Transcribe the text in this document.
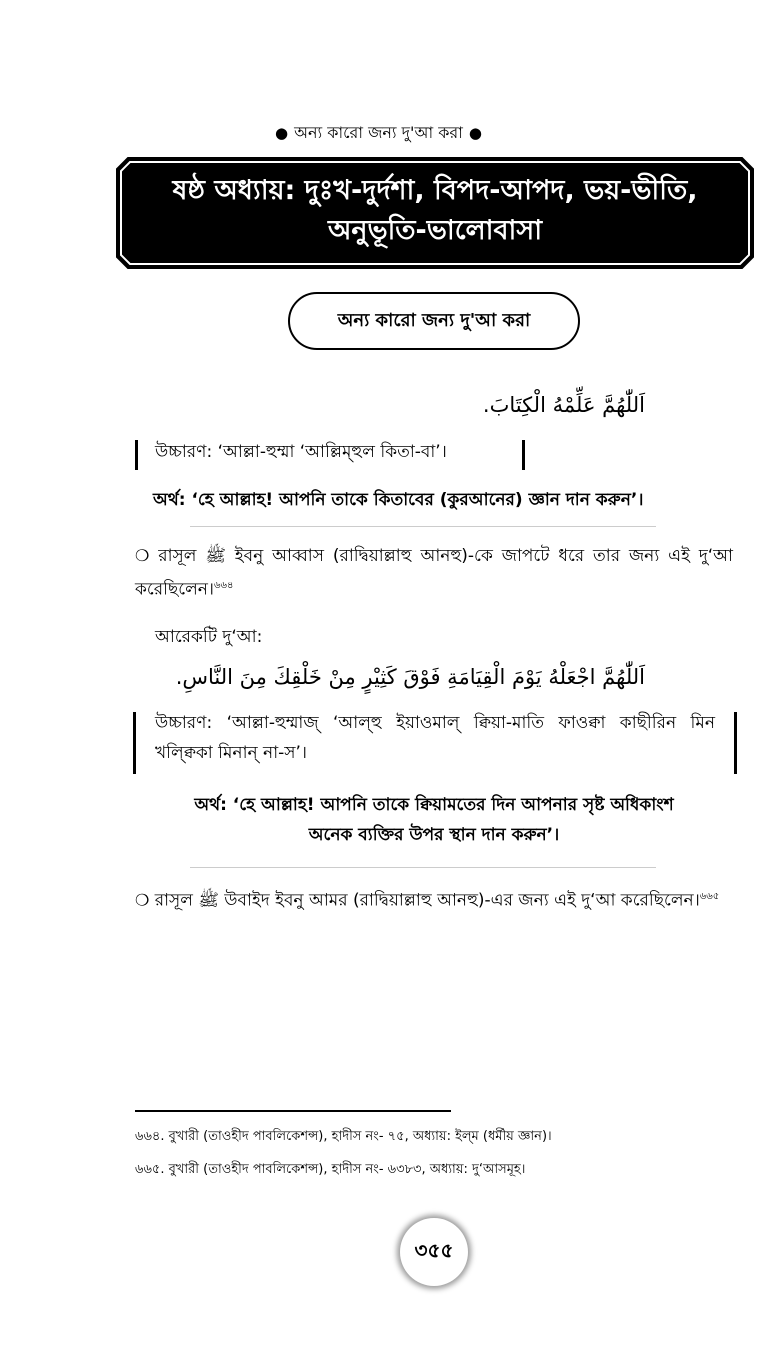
● অন্য কারো জন্য দু'আ করা ●
ষষ্ঠ অধ্যায়: দুঃখ-দুর্দশা, বিপদ-আপদ, ভয়-ভীতি,
অনুভূতি-ভালোবাসা
অন্য কারো জন্য দু'আ করা
اَللّٰهُمَّ عَلِّمْهُ الْكِتَابَ.
উচ্চারণ: ‘আল্লা-হুম্মা ‘আল্লিম্হুল কিতা-বা’।
অর্থ: ‘হে আল্লাহ! আপনি তাকে কিতাবের (কুরআনের) জ্ঞান দান করুন’।
❍ রাসূল ﷺ ইবনু আব্বাস (রাদ্বিয়াল্লাহু আনহু)-কে জাপটে ধরে তার জন্য এই দু‘আ করেছিলেন।$^{৬৬৪}$
আরেকটি দু‘আ:
اَللّٰهُمَّ اجْعَلْهُ يَوْمَ الْقِيَامَةِ فَوْقَ كَثِيْرٍ مِنْ خَلْقِكَ مِنَ النَّاسِ.
উচ্চারণ: ‘আল্লা-হুম্মাজ্ ‘আল্হু ইয়াওমাল্ ক্বিয়া-মাতি ফাওক্বা কাছীরিন মিন খল্ক্বিকা মিনান্ না-স’।
অর্থ: ‘হে আল্লাহ! আপনি তাকে ক্বিয়ামতের দিন আপনার সৃষ্ট অধিকাংশ
অনেক ব্যক্তির উপর স্থান দান করুন’।
❍ রাসূল ﷺ উবাইদ ইবনু আমর (রাদ্বিয়াল্লাহু আনহু)-এর জন্য এই দু‘আ করেছিলেন।$^{৬৬৫}$
৬৬৪. বুখারী (তাওহীদ পাবলিকেশন্স), হাদীস নং- ৭৫, অধ্যায়: ইল্‌ম (ধর্মীয় জ্ঞান)।
৬৬৫. বুখারী (তাওহীদ পাবলিকেশন্স), হাদীস নং- ৬৩৮৩, অধ্যায়: দু‘আসমূহ।
৩৫৫
